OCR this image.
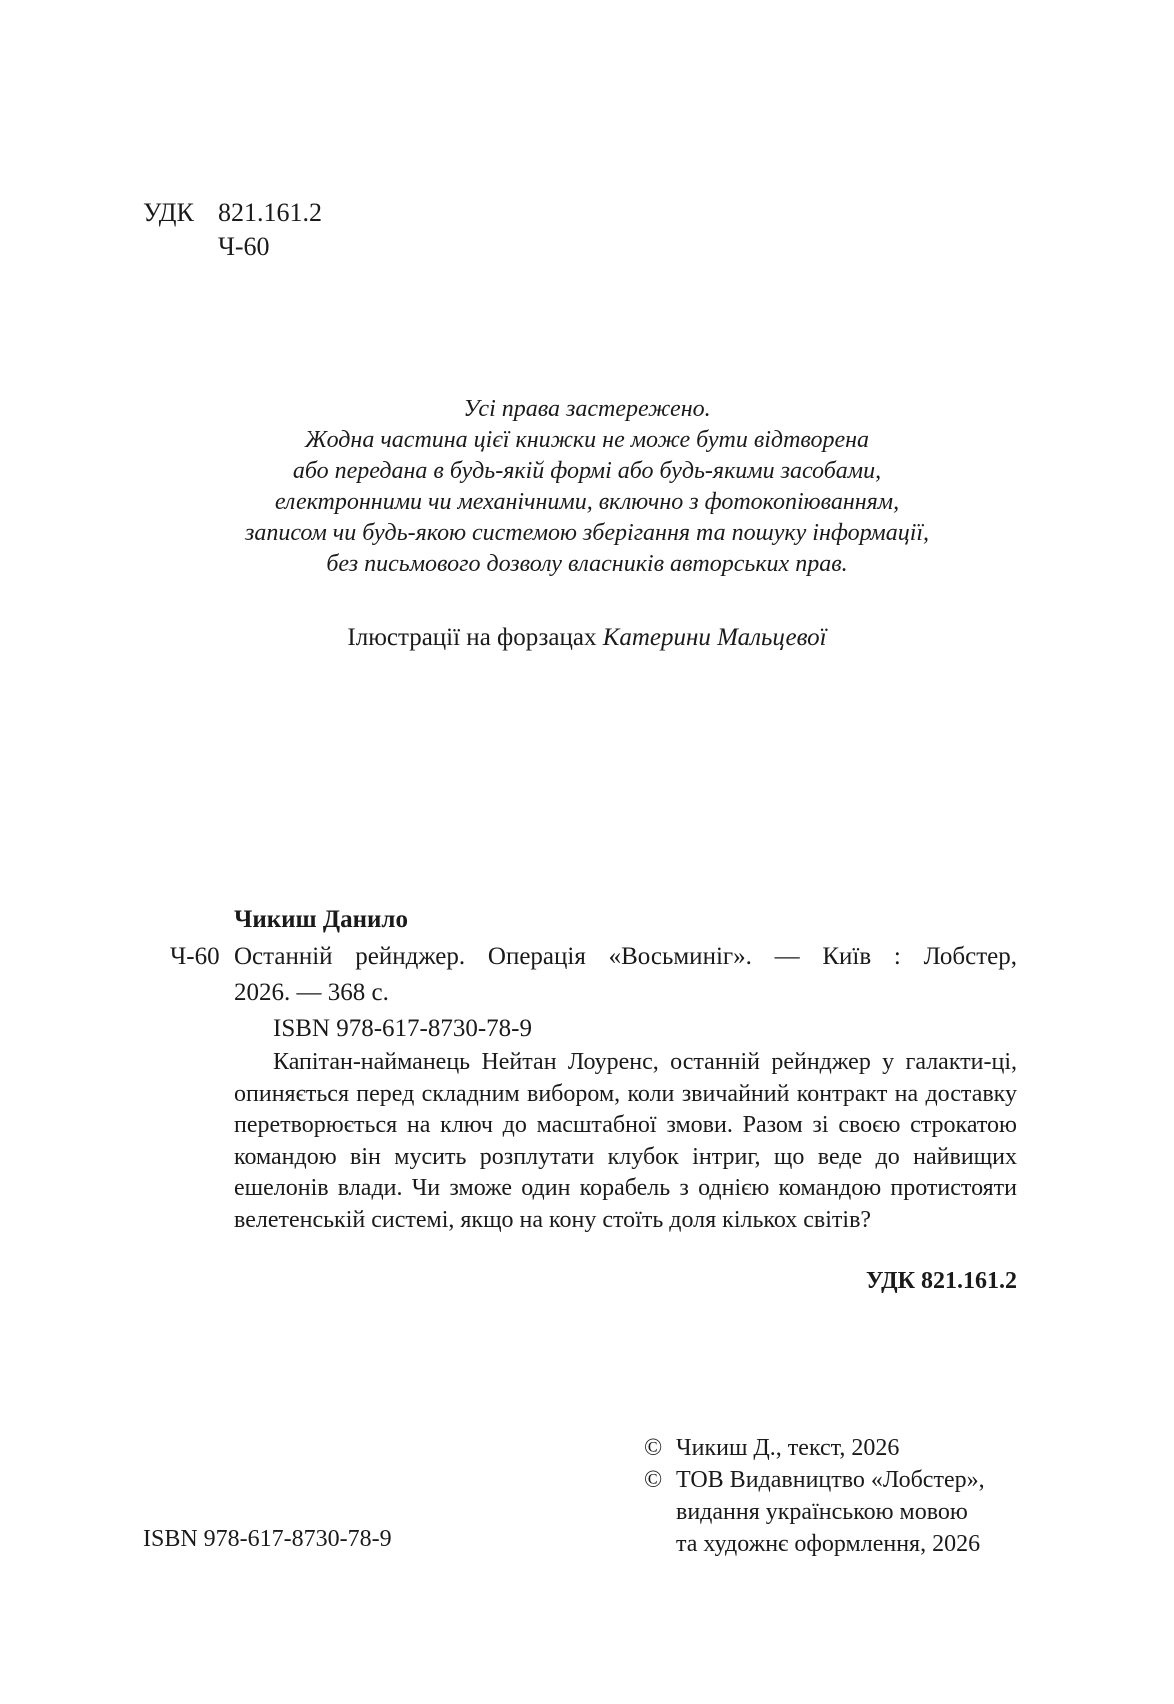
УДК 821.161.2
Ч-60
Усі права застережено.
Жодна частина цієї книжки не може бути відтворена
або передана в будь-якій формі або будь-якими засобами,
електронними чи механічними, включно з фотокопіюванням,
записом чи будь-якою системою зберігання та пошуку інформації,
без письмового дозволу власників авторських прав.
Ілюстрації на форзацах Катерини Мальцевої
Чикиш Данило
Ч-60 Останній рейнджер. Операція «Восьминіг». — Київ : Лобстер,
2026. — 368 с.
ISBN 978-617-8730-78-9
Капітан-найманець Нейтан Лоуренс, останній рейнджер у галакти-ці, опиняється перед складним вибором, коли звичайний контракт на доставку перетворюється на ключ до масштабної змови. Разом зі своєю строкатою командою він мусить розплутати клубок інтриг, що веде до найвищих ешелонів влади. Чи зможе один корабель з однією командою протистояти велетенській системі, якщо на кону стоїть доля кількох світів?
УДК 821.161.2
© Чикиш Д., текст, 2026
© ТОВ Видавництво «Лобстер»,
видання українською мовою
та художнє оформлення, 2026
ISBN 978-617-8730-78-9
